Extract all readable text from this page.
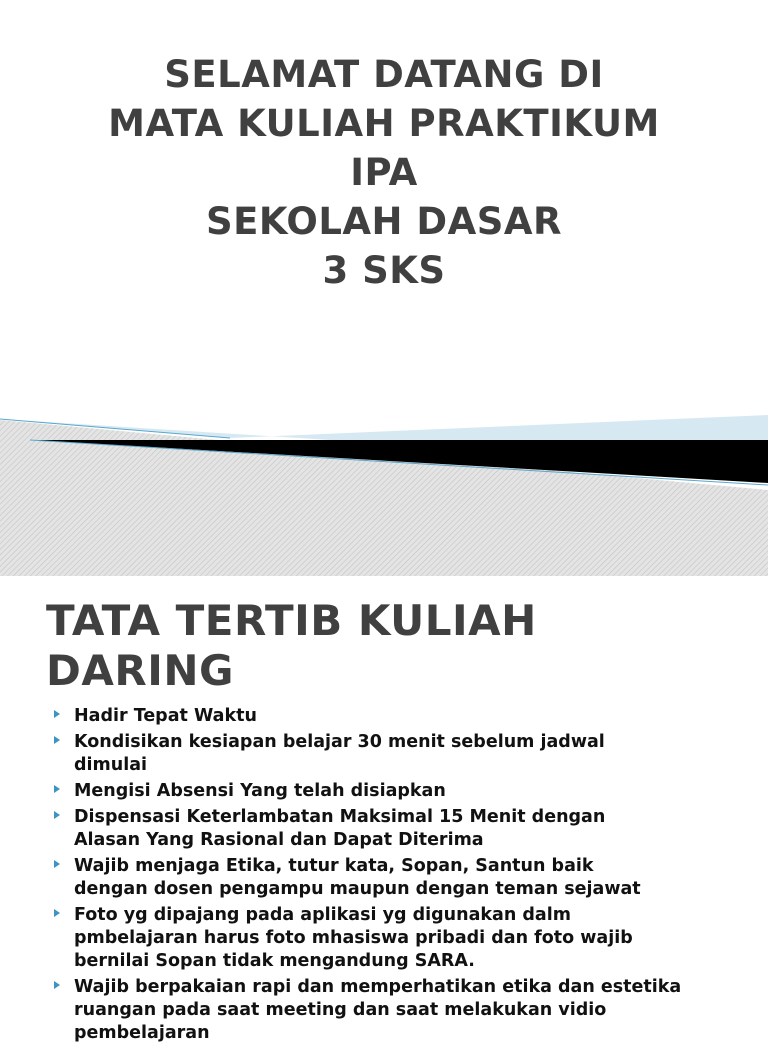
SELAMAT DATANG DI
MATA KULIAH PRAKTIKUM
IPA
SEKOLAH DASAR
3 SKS
TATA TERTIB KULIAH
DARING
Hadir Tepat Waktu
Kondisikan kesiapan belajar 30 menit sebelum jadwal
dimulai
Mengisi Absensi Yang telah disiapkan
Dispensasi Keterlambatan Maksimal 15 Menit dengan
Alasan Yang Rasional dan Dapat Diterima
Wajib menjaga Etika, tutur kata, Sopan, Santun baik
dengan dosen pengampu maupun dengan teman sejawat
Foto yg dipajang pada aplikasi yg digunakan dalm
pmbelajaran harus foto mhasiswa pribadi dan foto wajib
bernilai Sopan tidak mengandung SARA.
Wajib berpakaian rapi dan memperhatikan etika dan estetika
ruangan pada saat meeting dan saat melakukan vidio
pembelajaran
